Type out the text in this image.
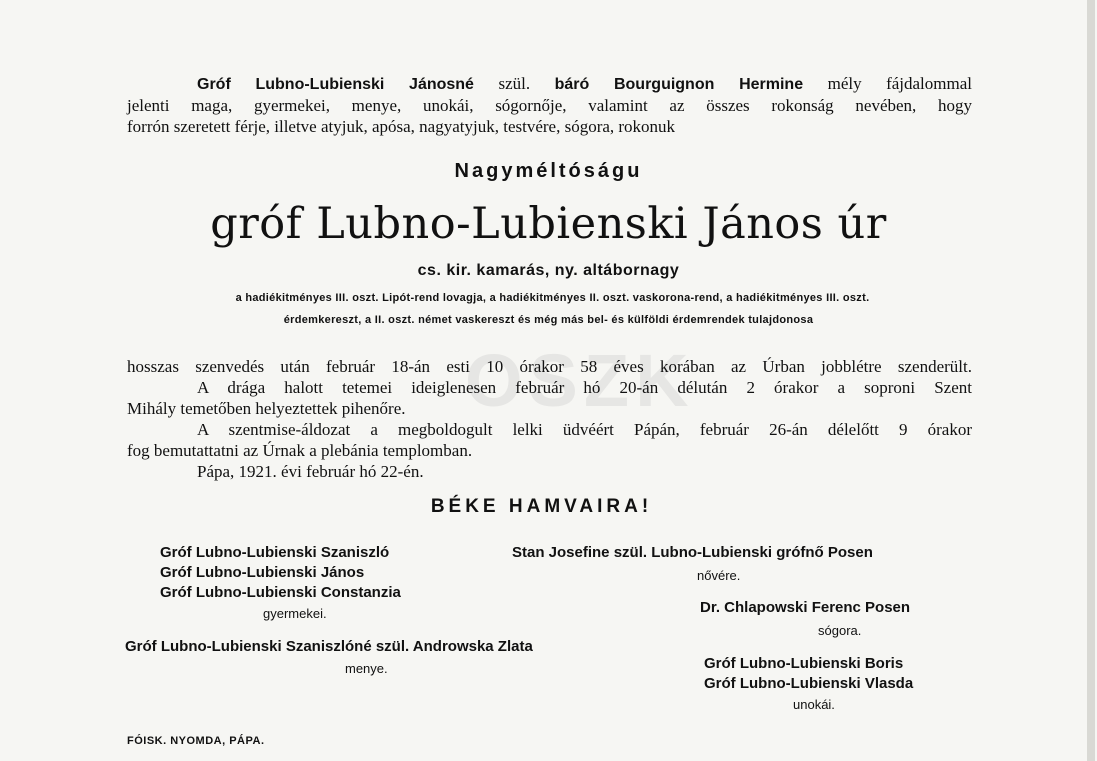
OSZK
Gróf Lubno-Lubienski Jánosné szül. báró Bourguignon Hermine mély fájdalommal
jelenti maga, gyermekei, menye, unokái, sógornője, valamint az összes rokonság nevében, hogy
forrón szeretett férje, illetve atyjuk, apósa, nagyatyjuk, testvére, sógora, rokonuk
Nagyméltóságu
gróf Lubno-Lubienski János úr
cs. kir. kamarás, ny. altábornagy
a hadiékitményes III. oszt. Lipót-rend lovagja, a hadiékitményes II. oszt. vaskorona-rend, a hadiékitményes III. oszt.
érdemkereszt, a II. oszt. német vaskereszt és még más bel- és külföldi érdemrendek tulajdonosa
hosszas szenvedés után február 18-án esti 10 órakor 58 éves korában az Úrban jobblétre szenderült.
A drága halott tetemei ideiglenesen február hó 20-án délután 2 órakor a soproni Szent
Mihály temetőben helyeztettek pihenőre.
A szentmise-áldozat a megboldogult lelki üdvéért Pápán, február 26-án délelőtt 9 órakor
fog bemutattatni az Úrnak a plebánia templomban.
Pápa, 1921. évi február hó 22-én.
BÉKE HAMVAIRA!
Gróf Lubno-Lubienski Szaniszló
Gróf Lubno-Lubienski János
Gróf Lubno-Lubienski Constanzia
gyermekei.
Gróf Lubno-Lubienski Szaniszlóné szül. Androwska Zlata
menye.
Stan Josefine szül. Lubno-Lubienski grófnő Posen
nővére.
Dr. Chlapowski Ferenc Posen
sógora.
Gróf Lubno-Lubienski Boris
Gróf Lubno-Lubienski Vlasda
unokái.
FÓISK. NYOMDA, PÁPA.
